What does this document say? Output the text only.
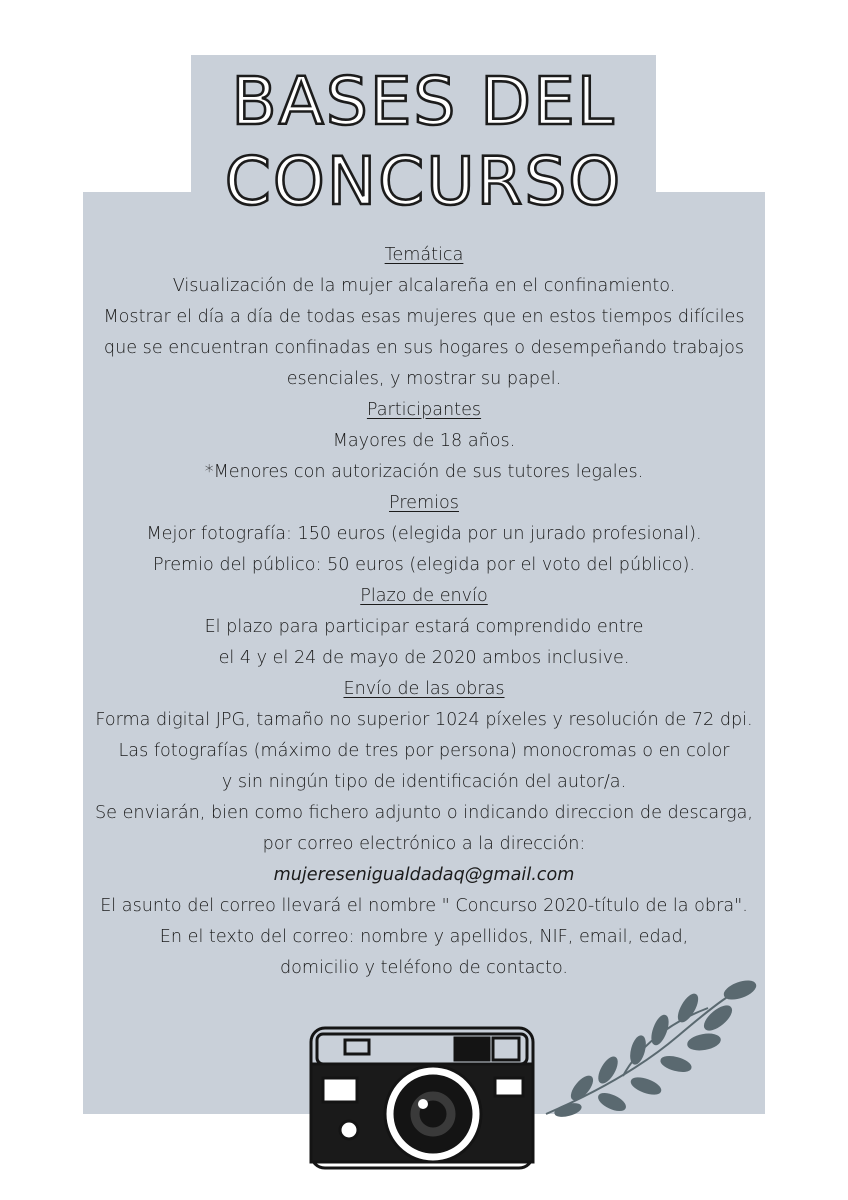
BASES DEL
CONCURSO

Temática

Visualización de la mujer alcalareña en el confinamiento.

Mostrar el día a día de todas esas mujeres que en estos tiempos difíciles

que se encuentran confinadas en sus hogares o desempeñando trabajos

esenciales, y mostrar su papel.

Participantes

Mayores de 18 años.

*Menores con autorización de sus tutores legales.

Premios

Mejor fotografía: 150 euros (elegida por un jurado profesional).

Premio del público: 50 euros (elegida por el voto del público).

Plazo de envío

El plazo para participar estará comprendido entre

el 4 y el 24 de mayo de 2020 ambos inclusive.

Envío de las obras

Forma digital JPG, tamaño no superior 1024 píxeles y resolución de 72 dpi.

Las fotografías (máximo de tres por persona) monocromas o en color

y sin ningún tipo de identificación del autor/a.

Se enviarán, bien como fichero adjunto o indicando direccion de descarga,

por correo electrónico a la dirección:

mujeresenigualdadaq@gmail.com

El asunto del correo llevará el nombre " Concurso 2020-título de la obra".

En el texto del correo: nombre y apellidos, NIF, email, edad,

domicilio y teléfono de contacto.
